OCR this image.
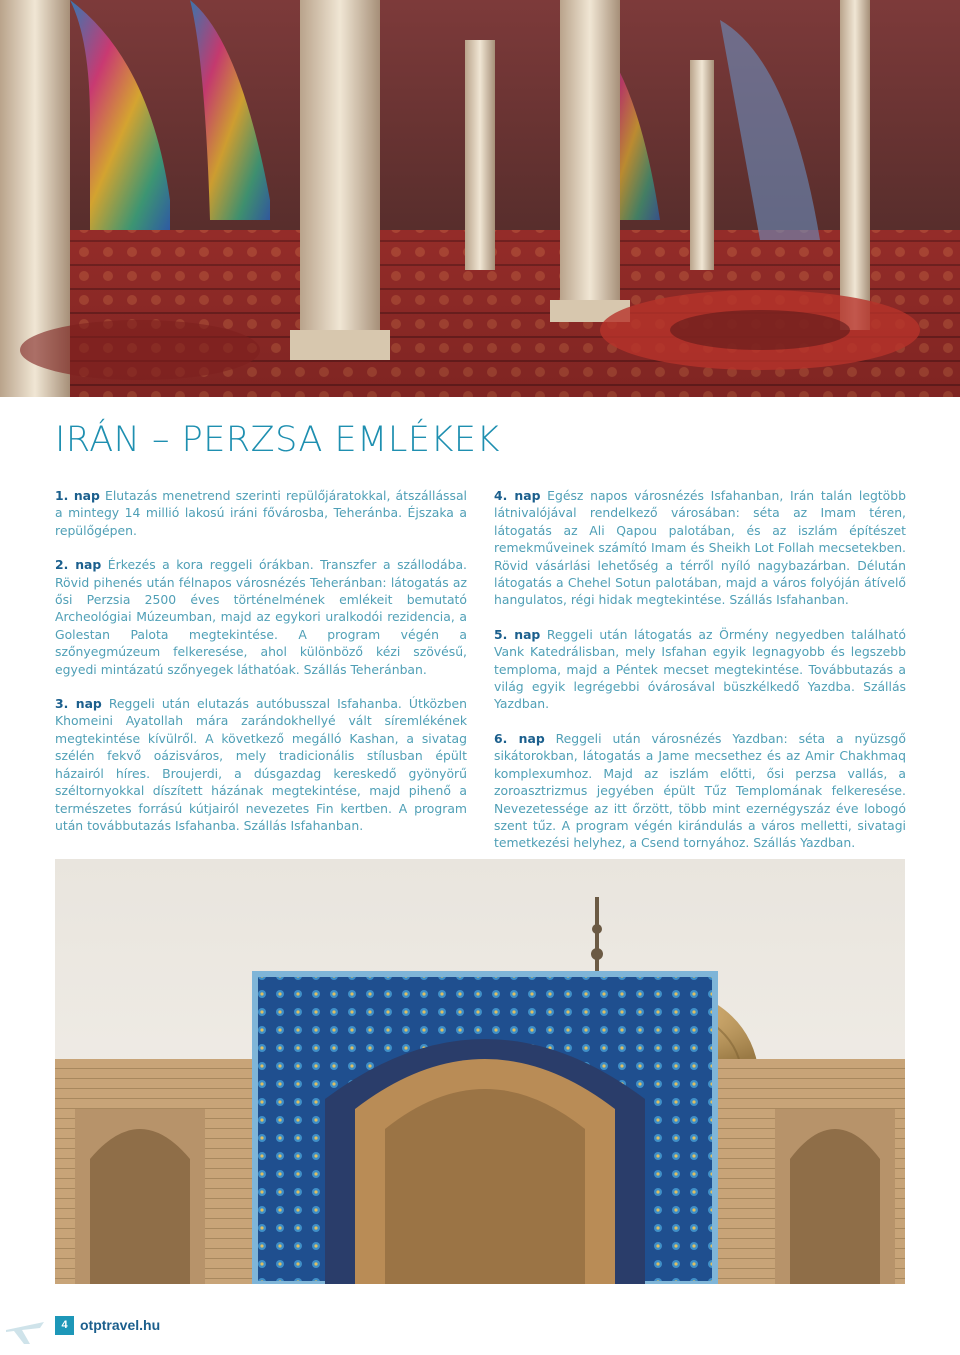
IRÁN – PERZSA EMLÉKEK

1. nap Elutazás menetrend szerinti repülőjáratokkal, átszállással a mintegy 14 millió lakosú iráni fővárosba, Teheránba. Éjszaka a repülőgépen.

2. nap Érkezés a kora reggeli órákban. Transzfer a szállodába. Rövid pihenés után félnapos városnézés Teheránban: látogatás az ősi Perzsia 2500 éves történelmének emlékeit bemutató Archeológiai Múzeumban, majd az egykori uralkodói rezidencia, a Golestan Palota megtekintése. A program végén a szőnyegmúzeum felkeresése, ahol különböző kézi szövésű, egyedi mintázatú szőnyegek láthatóak. Szállás Teheránban.

3. nap Reggeli után elutazás autóbusszal Isfahanba. Útközben Khomeini Ayatollah mára zarándokhellyé vált síremlékének megtekintése kívülről. A következő megálló Kashan, a sivatag szélén fekvő oázisváros, mely tradicionális stílusban épült házairól híres. Broujerdi, a dúsgazdag kereskedő gyönyörű széltornyokkal díszített házának megtekintése, majd pihenő a természetes forrású kútjairól nevezetes Fin kertben. A program után továbbutazás Isfahanba. Szállás Isfahanban.

4. nap Egész napos városnézés Isfahanban, Irán talán legtöbb látnivalójával rendelkező városában: séta az Imam téren, látogatás az Ali Qapou palotában, és az iszlám építészet remekműveinek számító Imam és Sheikh Lot Follah mecsetekben. Rövid vásárlási lehetőség a térről nyíló nagybazárban. Délután látogatás a Chehel Sotun palotában, majd a város folyóján átívelő hangulatos, régi hidak megtekintése. Szállás Isfahanban.

5. nap Reggeli után látogatás az Örmény negyedben található Vank Katedrálisban, mely Isfahan egyik legnagyobb és legszebb temploma, majd a Péntek mecset megtekintése. Továbbutazás a világ egyik legrégebbi óvárosával büszkélkedő Yazdba. Szállás Yazdban.

6. nap Reggeli után városnézés Yazdban: séta a nyüzsgő sikátorokban, látogatás a Jame mecsethez és az Amir Chakhmaq komplexumhoz. Majd az iszlám előtti, ősi perzsa vallás, a zoroasztrizmus jegyében épült Tűz Templomának felkeresése. Nevezetessége az itt őrzött, több mint ezernégyszáz éve lobogó szent tűz. A program végén kirándulás a város melletti, sivatagi temetkezési helyhez, a Csend tornyához. Szállás Yazdban.

4 otptravel.hu
